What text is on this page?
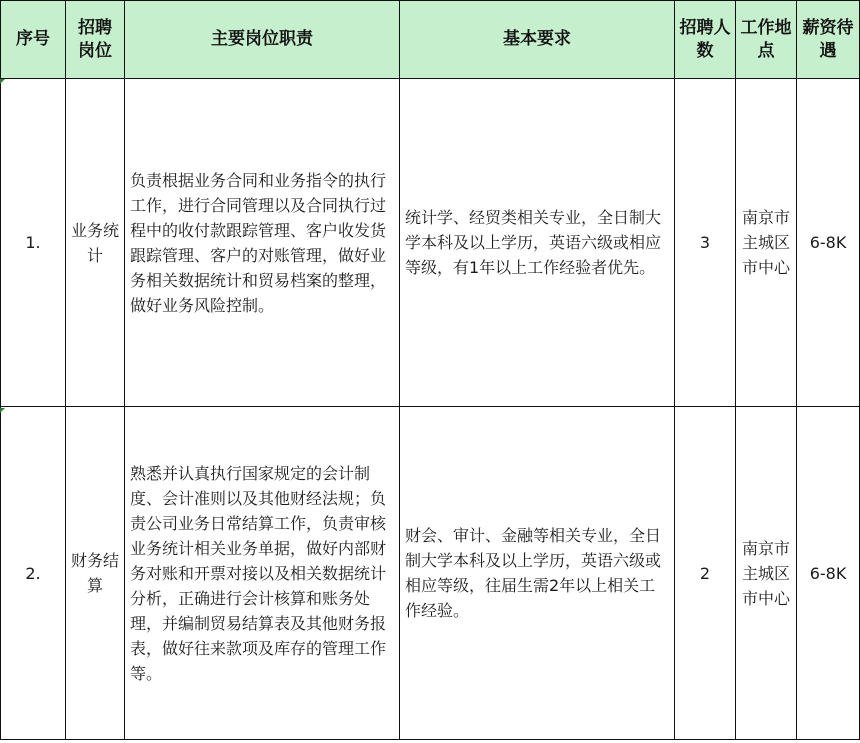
序号	招聘岗位	主要岗位职责	基本要求	招聘人数	工作地点	薪资待遇
1.	业务统计	负责根据业务合同和业务指令的执行工作，进行合同管理以及合同执行过程中的收付款跟踪管理、客户收发货跟踪管理、客户的对账管理，做好业务相关数据统计和贸易档案的整理，做好业务风险控制。	统计学、经贸类相关专业，全日制大学本科及以上学历，英语六级或相应等级，有1年以上工作经验者优先。	3	南京市主城区市中心	6-8K
2.	财务结算	熟悉并认真执行国家规定的会计制度、会计准则以及其他财经法规；负责公司业务日常结算工作，负责审核业务统计相关业务单据，做好内部财务对账和开票对接以及相关数据统计分析，正确进行会计核算和账务处理，并编制贸易结算表及其他财务报表，做好往来款项及库存的管理工作等。	财会、审计、金融等相关专业，全日制大学本科及以上学历，英语六级或相应等级，往届生需2年以上相关工作经验。	2	南京市主城区市中心	6-8K
